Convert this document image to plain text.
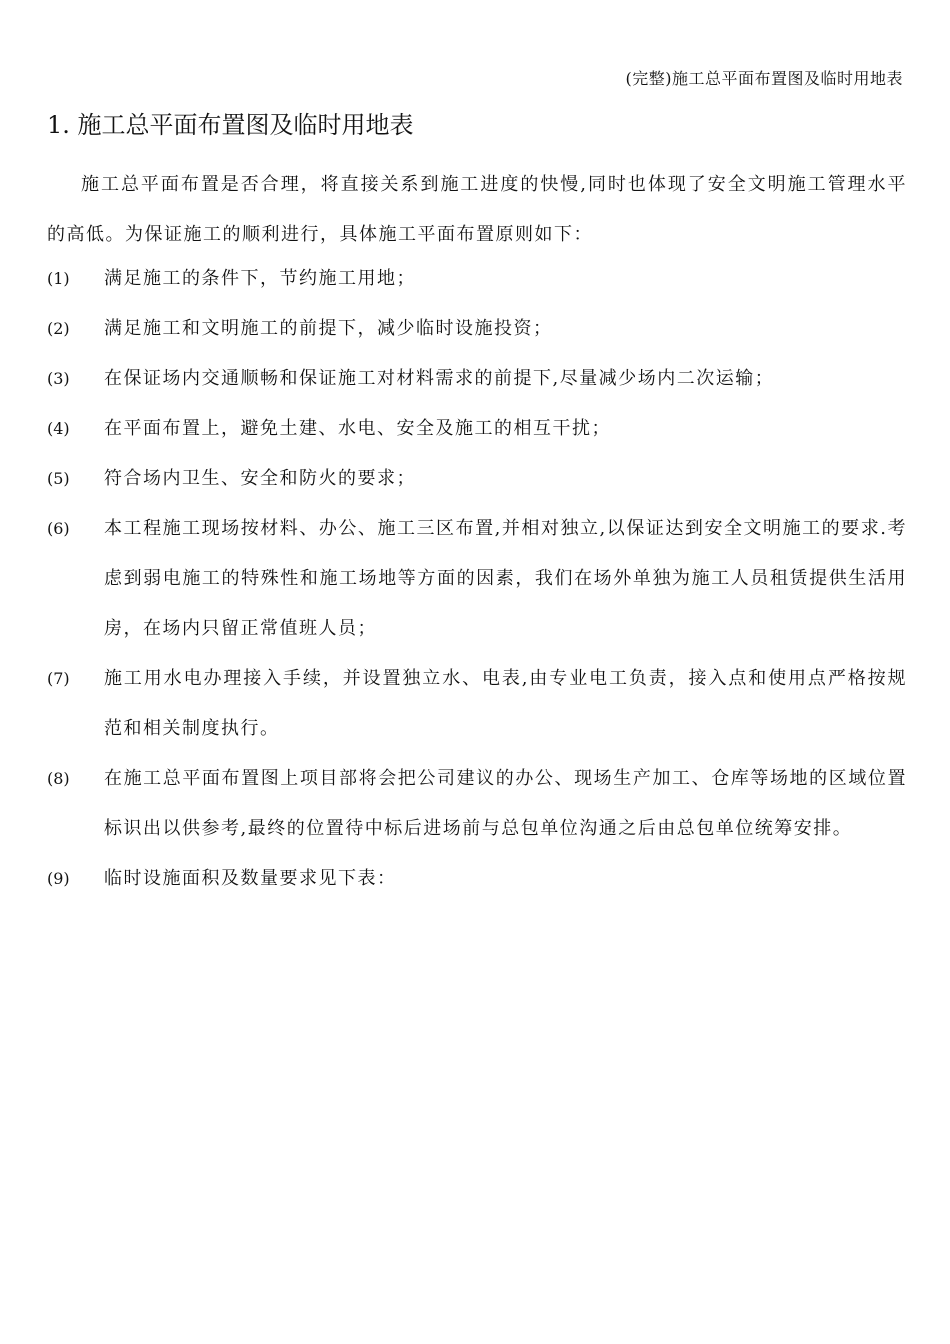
(完整)施工总平面布置图及临时用地表
1. 施工总平面布置图及临时用地表

施工总平面布置是否合理，将直接关系到施工进度的快慢,同时也体现了安全文明施工管理水平的高低。为保证施工的顺利进行，具体施工平面布置原则如下：

(1) 满足施工的条件下，节约施工用地；
(2) 满足施工和文明施工的前提下，减少临时设施投资；
(3) 在保证场内交通顺畅和保证施工对材料需求的前提下,尽量减少场内二次运输；
(4) 在平面布置上，避免土建、水电、安全及施工的相互干扰；
(5) 符合场内卫生、安全和防火的要求；
(6) 本工程施工现场按材料、办公、施工三区布置,并相对独立,以保证达到安全文明施工的要求.考虑到弱电施工的特殊性和施工场地等方面的因素，我们在场外单独为施工人员租赁提供生活用房，在场内只留正常值班人员；
(7) 施工用水电办理接入手续，并设置独立水、电表,由专业电工负责，接入点和使用点严格按规范和相关制度执行。
(8) 在施工总平面布置图上项目部将会把公司建议的办公、现场生产加工、仓库等场地的区域位置标识出以供参考,最终的位置待中标后进场前与总包单位沟通之后由总包单位统筹安排。
(9) 临时设施面积及数量要求见下表：
